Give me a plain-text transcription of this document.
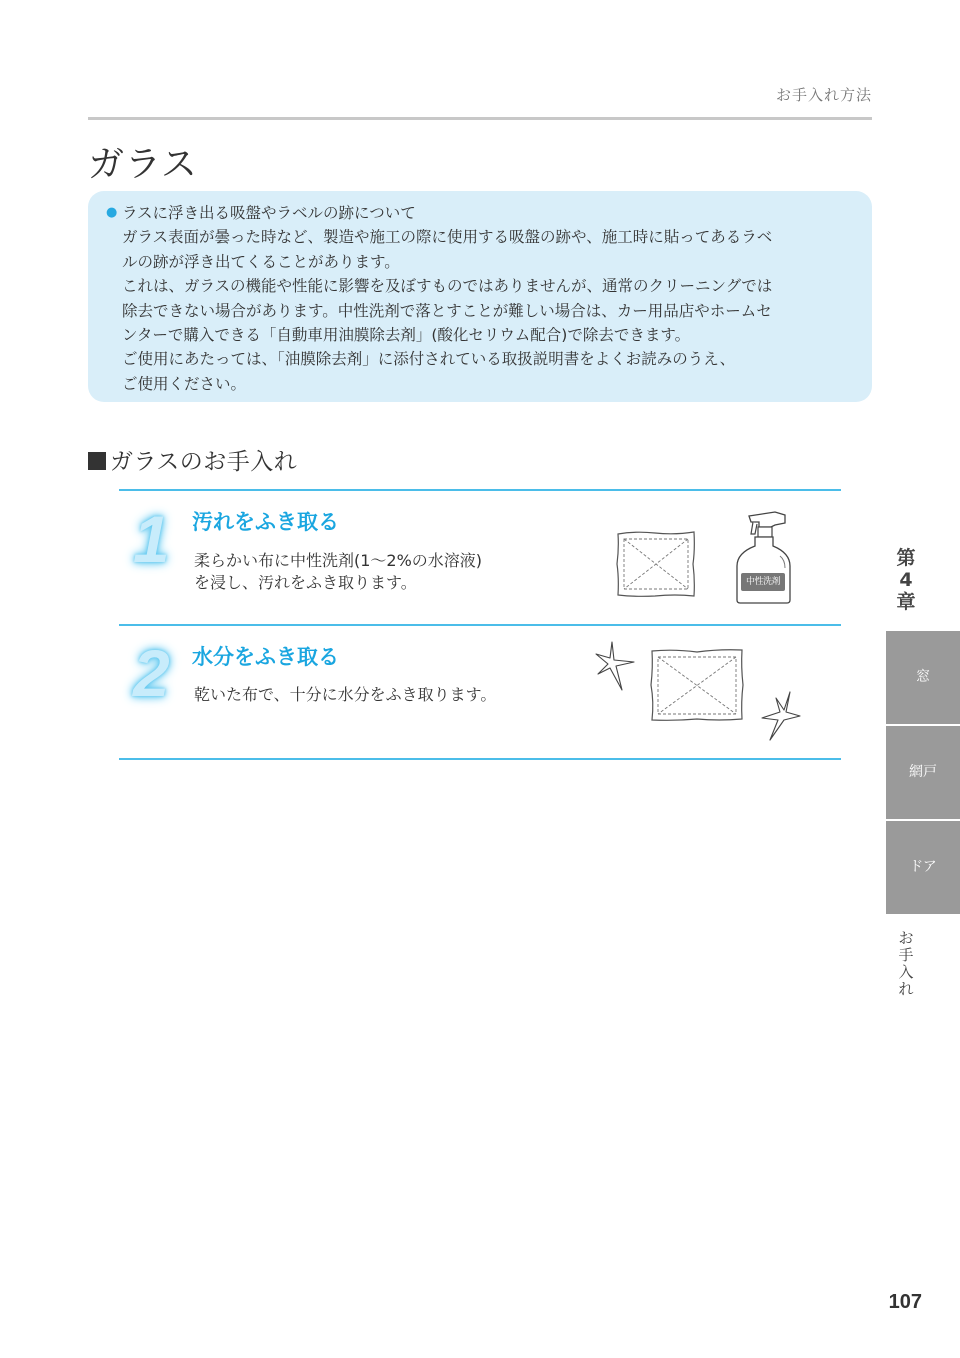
お手入れ方法
ガラス
● ラスに浮き出る吸盤やラベルの跡について

ガラス表面が曇った時など、製造や施工の際に使用する吸盤の跡や、施工時に貼ってあるラベ

ルの跡が浮き出てくることがあります。

これは、ガラスの機能や性能に影響を及ぼすものではありませんが、通常のクリーニングでは

除去できない場合があります。中性洗剤で落とすことが難しい場合は、カー用品店やホームセ

ンターで購入できる「自動車用油膜除去剤」(酸化セリウム配合)で除去できます。

ご使用にあたっては、「油膜除去剤」に添付されている取扱説明書をよくお読みのうえ、

ご使用ください。

ガラスのお手入れ
1 汚れをふき取る

柔らかい布に中性洗剤(1～2%の水溶液)

を浸し、汚れをふき取ります。	中性洗剤
2 水分をふき取る

乾いた布で、十分に水分をふき取ります。

第
4
章
窓
網戸
ドア
お
手
入
れ
107
